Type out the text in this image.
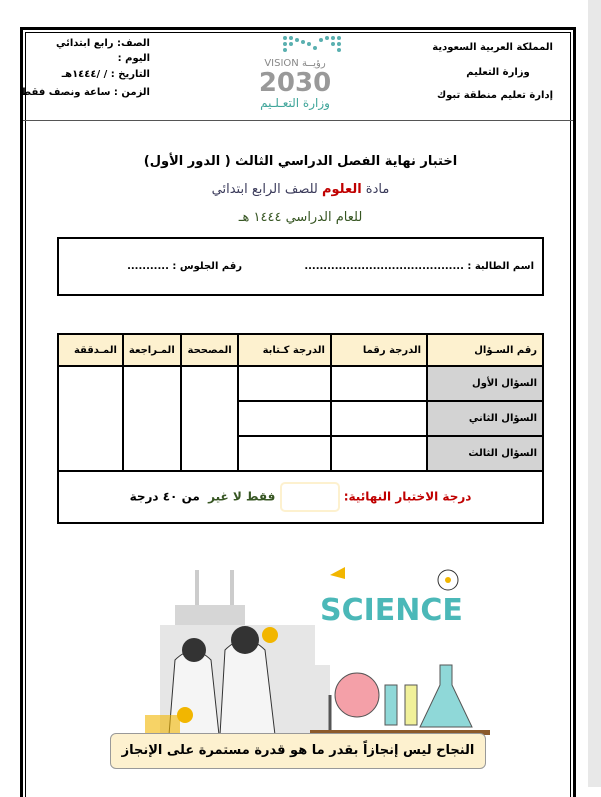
المملكة العربية السعودية
وزارة التعليم
إدارة تعليم منطقة تبوك
الصف: رابع ابتدائي
اليوم :
التاريخ : / /١٤٤٤هـ
الزمن : ساعة ونصف فقط
VISION رؤيــة
2030
وزارة التعـلـيم
اختبار نهاية الفصل الدراسي الثالث ( الدور الأول)
مادة العلوم للصف الرابع ابتدائي
للعام الدراسي ١٤٤٤ هـ
اسم الطالبة : ..........................................
رقم الجلوس : ...........
رقم السـؤال	الدرجة رقما	الدرجة كـتابة	المصححة	المـراجعة	المـدققة
السؤال الأول					
السؤال الثاني					
السؤال الثالث					
درجة الاختبار النهائية:  فقط لا غير  من ٤٠ درجة					
SCIENCE
النجاح ليس إنجازاً بقدر ما هو قدرة مستمرة على الإنجاز
